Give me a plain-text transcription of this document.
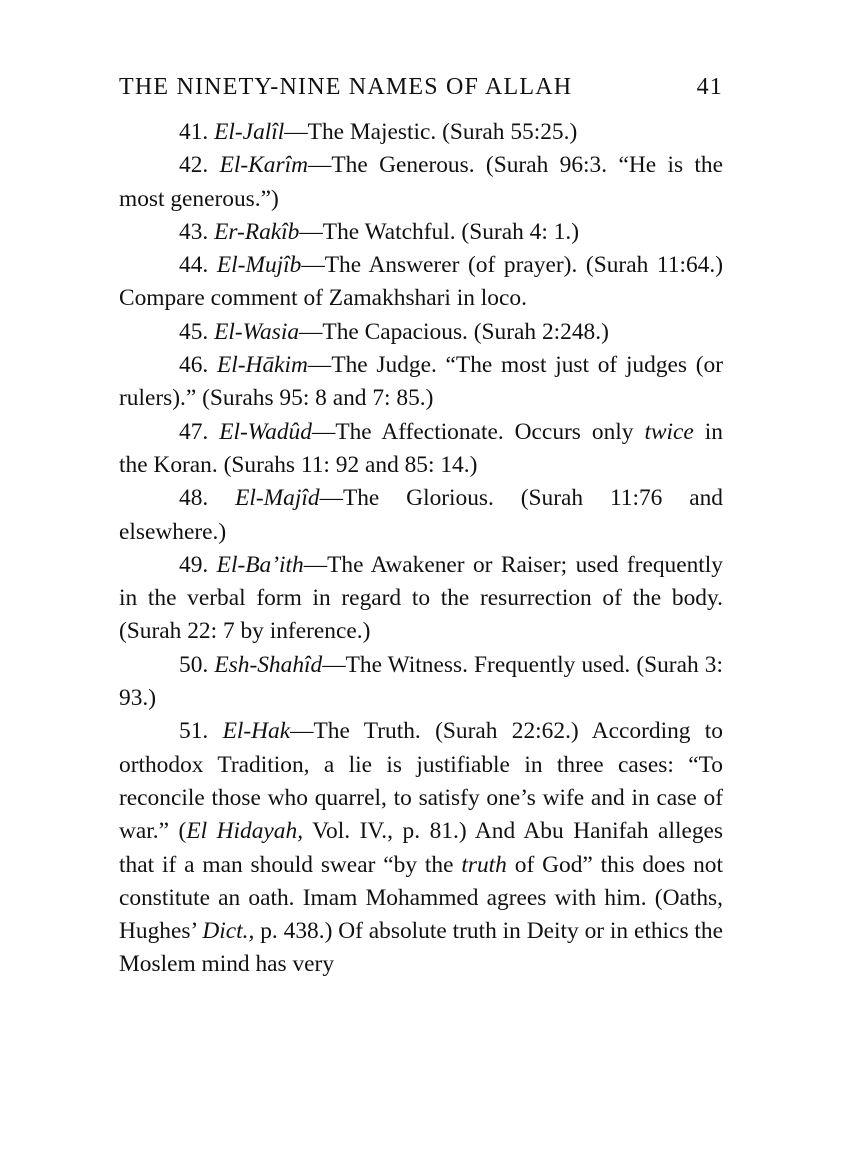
THE NINETY-NINE NAMES OF ALLAH	41

41. El-Jalîl—The Majestic. (Surah 55:25.)

42. El-Karîm—The Generous. (Surah 96:3. “He is the most generous.”)

43. Er-Rakîb—The Watchful. (Surah 4: 1.)

44. El-Mujîb—The Answerer (of prayer). (Surah 11:64.) Compare comment of Zamakhshari in loco.

45. El-Wasia—The Capacious. (Surah 2:248.)

46. El-Hākim—The Judge. “The most just of judges (or rulers).” (Surahs 95: 8 and 7: 85.)

47. El-Wadûd—The Affectionate. Occurs only twice in the Koran. (Surahs 11: 92 and 85: 14.)

48. El-Majîd—The Glorious. (Surah 11:76 and elsewhere.)

49. El-Ba’ith—The Awakener or Raiser; used frequently in the verbal form in regard to the resurrection of the body. (Surah 22: 7 by inference.)

50. Esh-Shahîd—The Witness. Frequently used. (Surah 3: 93.)

51. El-Hak—The Truth. (Surah 22:62.) According to orthodox Tradition, a lie is justifiable in three cases: “To reconcile those who quarrel, to satisfy one’s wife and in case of war.” (El Hidayah, Vol. IV., p. 81.) And Abu Hanifah alleges that if a man should swear “by the truth of God” this does not constitute an oath. Imam Mohammed agrees with him. (Oaths, Hughes’ Dict., p. 438.) Of absolute truth in Deity or in ethics the Moslem mind has very
